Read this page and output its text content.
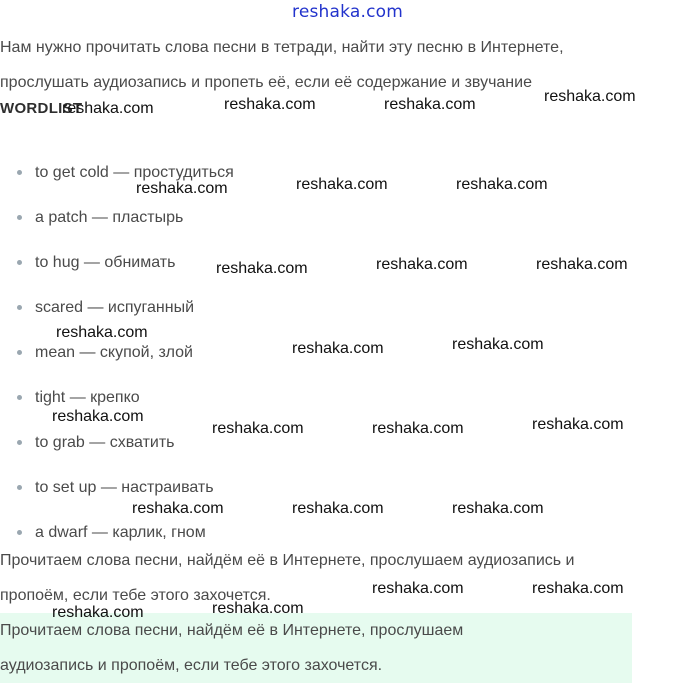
reshaka.com
Нам нужно прочитать слова песни в тетради, найти эту песню в Интернете,
прослушать аудиозапись и пропеть её, если её содержание и звучание
WORDLIST
to get cold — простудиться
a patch — пластырь
to hug — обнимать
scared — испуганный
mean — скупой, злой
tight — крепко
to grab — схватить
to set up — настраивать
a dwarf — карлик, гном
Прочитаем слова песни, найдём её в Интернете, прослушаем аудиозапись и
пропоём, если тебе этого захочется.
Прочитаем слова песни, найдём её в Интернете, прослушаем
аудиозапись и пропоём, если тебе этого захочется.
reshaka.com	reshaka.com	reshaka.com	reshaka.com
reshaka.com	reshaka.com	reshaka.com
reshaka.com	reshaka.com	reshaka.com
reshaka.com
reshaka.com	reshaka.com
reshaka.com
reshaka.com	reshaka.com	reshaka.com
reshaka.com	reshaka.com	reshaka.com
reshaka.com	reshaka.com
reshaka.com	reshaka.com
